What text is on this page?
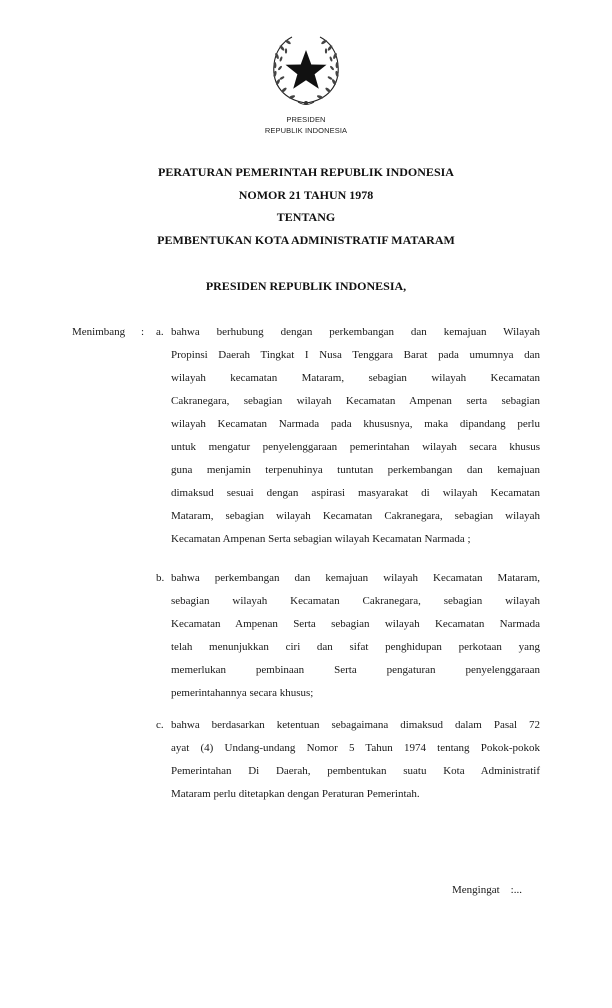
PRESIDEN
REPUBLIK INDONESIA
PERATURAN PEMERINTAH REPUBLIK INDONESIA
NOMOR 21 TAHUN 1978
TENTANG
PEMBENTUKAN KOTA ADMINISTRATIF MATARAM
PRESIDEN REPUBLIK INDONESIA,
Menimbang : a. bahwa berhubung dengan perkembangan dan kemajuan Wilayah
Propinsi Daerah Tingkat I Nusa Tenggara Barat pada umumnya dan
wilayah kecamatan Mataram, sebagian wilayah Kecamatan
Cakranegara, sebagian wilayah Kecamatan Ampenan serta sebagian
wilayah Kecamatan Narmada pada khususnya, maka dipandang perlu
untuk mengatur penyelenggaraan pemerintahan wilayah secara khusus
guna menjamin terpenuhinya tuntutan perkembangan dan kemajuan
dimaksud sesuai dengan aspirasi masyarakat di wilayah Kecamatan
Mataram, sebagian wilayah Kecamatan Cakranegara, sebagian wilayah
Kecamatan Ampenan Serta sebagian wilayah Kecamatan Narmada ;
b. bahwa perkembangan dan kemajuan wilayah Kecamatan Mataram,
sebagian wilayah Kecamatan Cakranegara, sebagian wilayah
Kecamatan Ampenan Serta sebagian wilayah Kecamatan Narmada
telah menunjukkan ciri dan sifat penghidupan perkotaan yang
memerlukan pembinaan Serta pengaturan penyelenggaraan
pemerintahannya secara khusus;
c. bahwa berdasarkan ketentuan sebagaimana dimaksud dalam Pasal 72
ayat (4) Undang-undang Nomor 5 Tahun 1974 tentang Pokok-pokok
Pemerintahan Di Daerah, pembentukan suatu Kota Administratif
Mataram perlu ditetapkan dengan Peraturan Pemerintah.
Mengingat    :...
